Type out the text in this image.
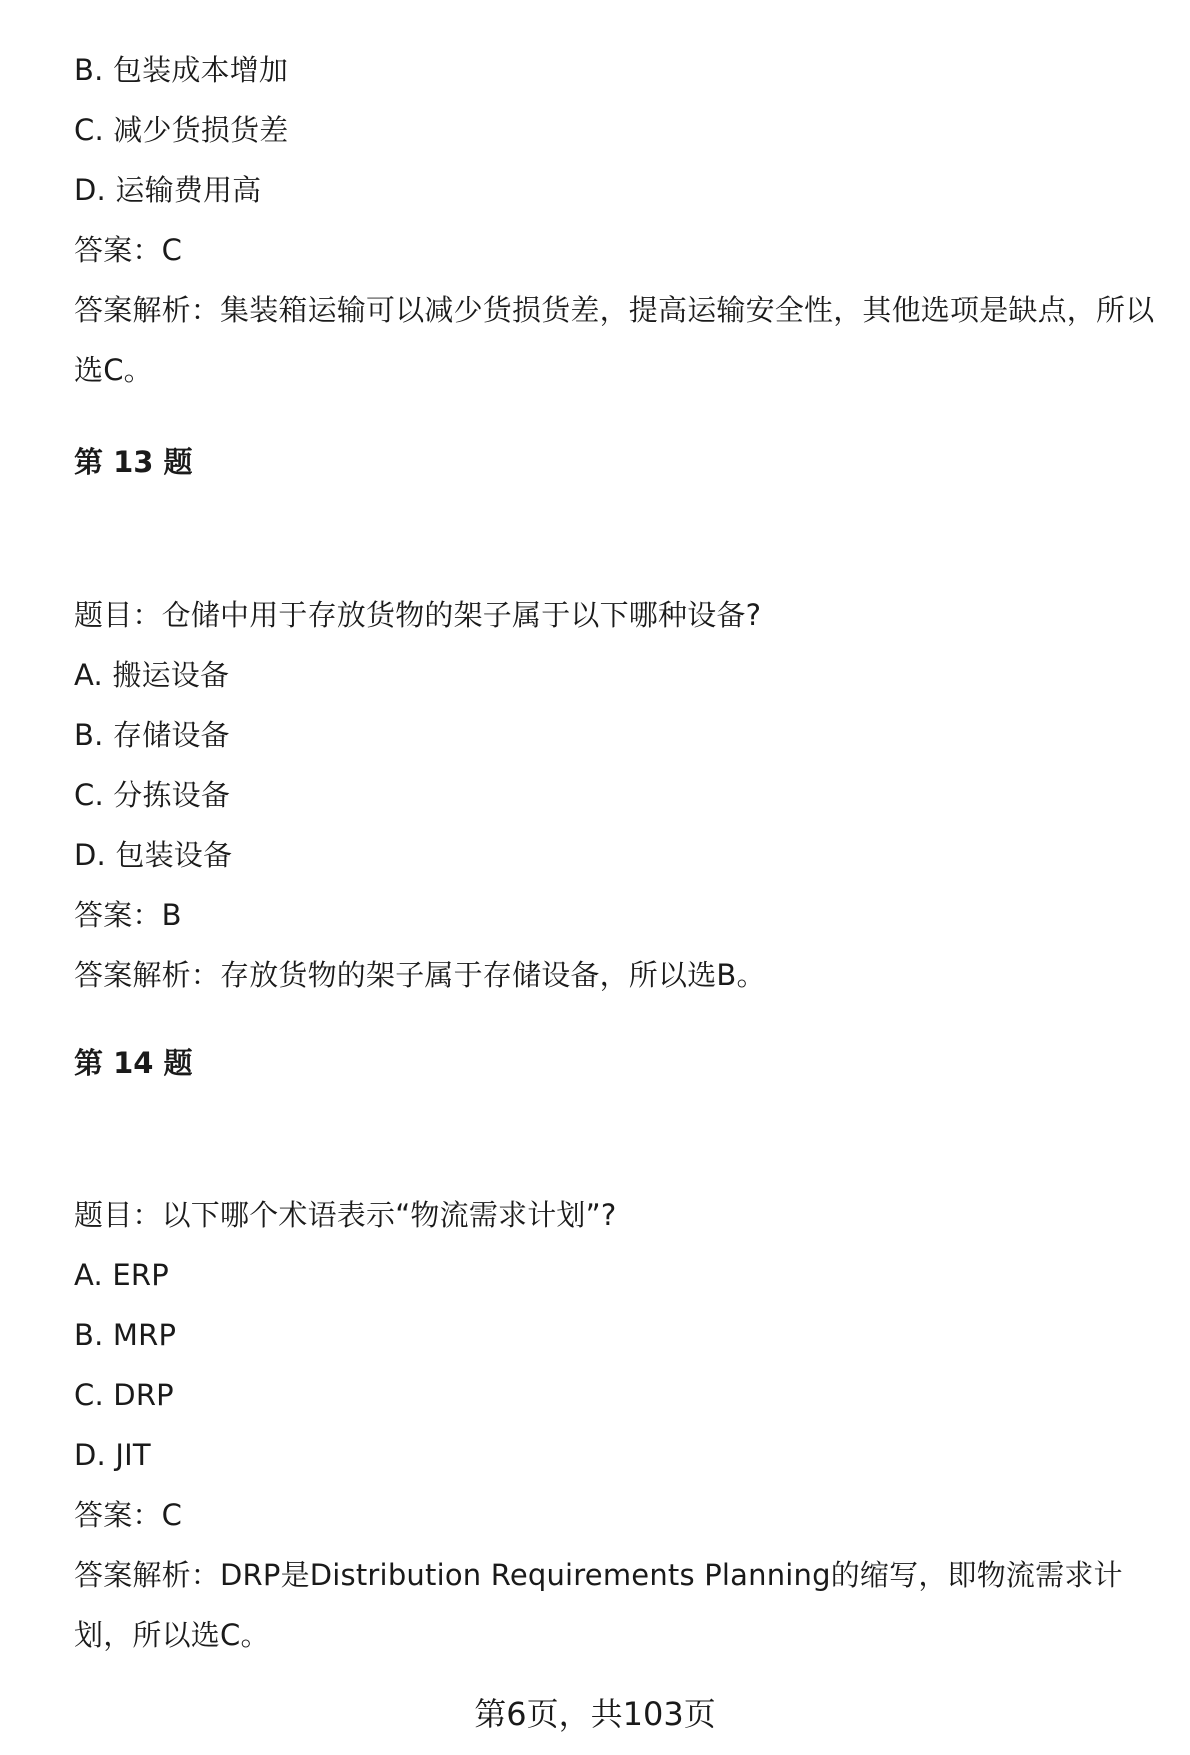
B. 包装成本增加
C. 减少货损货差
D. 运输费用高
答案：C
答案解析：集装箱运输可以减少货损货差，提高运输安全性，其他选项是缺点，所以选C。
第 13 题
题目：仓储中用于存放货物的架子属于以下哪种设备?
A. 搬运设备
B. 存储设备
C. 分拣设备
D. 包装设备
答案：B
答案解析：存放货物的架子属于存储设备，所以选B。
第 14 题
题目：以下哪个术语表示“物流需求计划”?
A. ERP
B. MRP
C. DRP
D. JIT
答案：C
答案解析：DRP是Distribution Requirements Planning的缩写，即物流需求计划，所以选C。
第6页，共103页
